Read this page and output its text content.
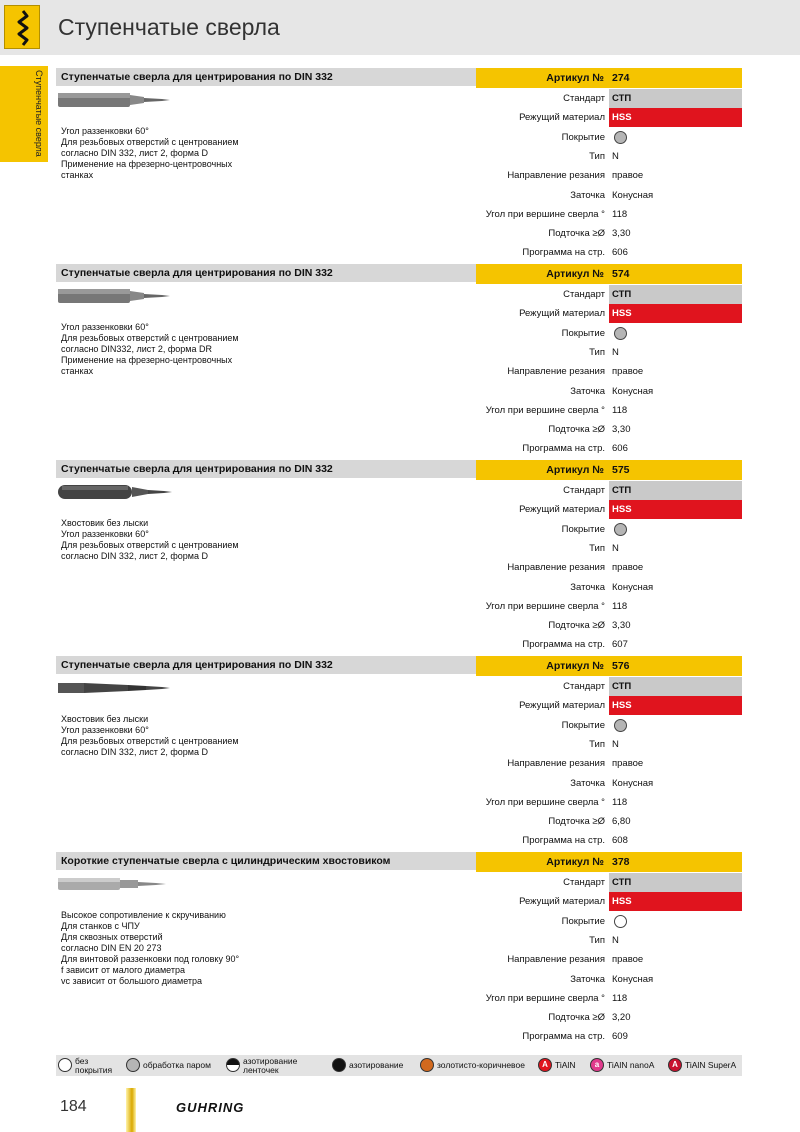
Ступенчатые сверла
Ступенчатые сверла Ступенчатые сверла для центрирования по DIN 332
Угол раззенковки 60°
Для резьбовых отверстий с центрованием
согласно DIN 332, лист 2, форма D
Применение на фрезерно-центровочных
станках
Артикул № 274
Стандарт СТП
Режущий материал HSS
Покрытие
Тип N
Направление резания правое
Заточка Конусная
Угол при вершине сверла ° 118
Подточка ≥Ø 3,30
Программа на стр. 606
Ступенчатые сверла для центрирования по DIN 332
Угол раззенковки 60°
Для резьбовых отверстий с центрованием
согласно DIN332, лист 2, форма DR
Применение на фрезерно-центровочных
станках
Артикул № 574
Стандарт СТП
Режущий материал HSS
Покрытие
Тип N
Направление резания правое
Заточка Конусная
Угол при вершине сверла ° 118
Подточка ≥Ø 3,30
Программа на стр. 606
Ступенчатые сверла для центрирования по DIN 332
Хвостовик без лыски
Угол раззенковки 60°
Для резьбовых отверстий с центрованием
согласно DIN 332, лист 2, форма D
Артикул № 575
Стандарт СТП
Режущий материал HSS
Покрытие
Тип N
Направление резания правое
Заточка Конусная
Угол при вершине сверла ° 118
Подточка ≥Ø 3,30
Программа на стр. 607
Ступенчатые сверла для центрирования по DIN 332
Хвостовик без лыски
Угол раззенковки 60°
Для резьбовых отверстий с центрованием
согласно DIN 332, лист 2, форма D
Артикул № 576
Стандарт СТП
Режущий материал HSS
Покрытие
Тип N
Направление резания правое
Заточка Конусная
Угол при вершине сверла ° 118
Подточка ≥Ø 6,80
Программа на стр. 608
Короткие ступенчатые сверла с цилиндрическим хвостовиком
Высокое сопротивление к скручиванию
Для станков с ЧПУ
Для сквозных отверстий
согласно DIN EN 20 273
Для винтовой раззенковки под головку 90°
f зависит от малого диаметра
vc зависит от большого диаметра
Артикул № 378
Стандарт СТП
Режущий материал HSS
Покрытие
Тип N
Направление резания правое
Заточка Конусная
Угол при вершине сверла ° 118
Подточка ≥Ø 3,20
Программа на стр. 609
без
покрытия	обработка паром	азотирование
ленточек	азотирование	золотисто-коричневое	A TiAlN	a TiAlN nanoA	A TiAlN SuperA
184	GUHRING
